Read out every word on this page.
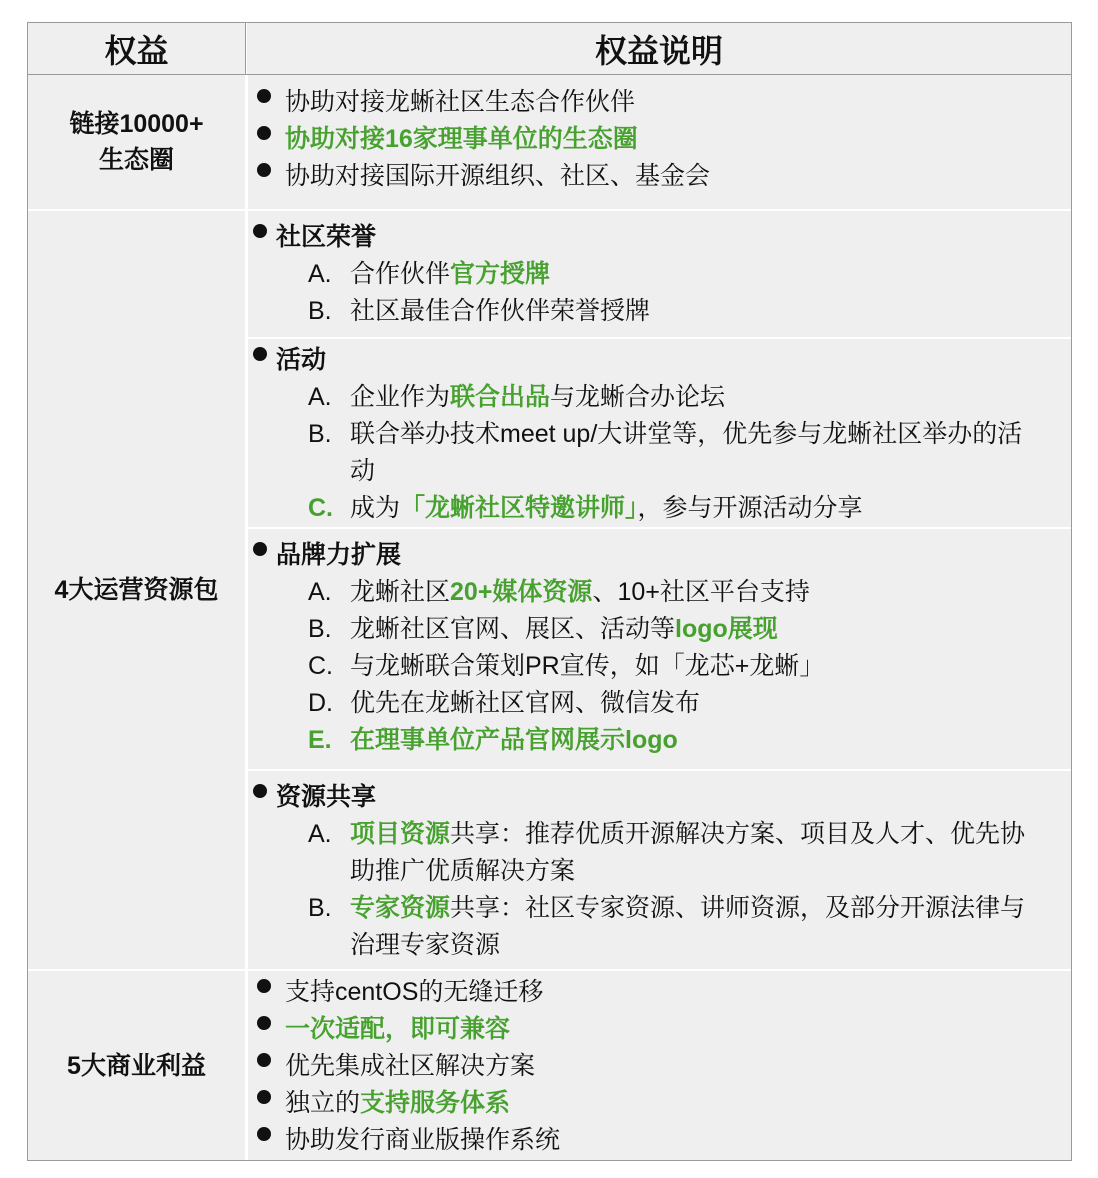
权益	权益说明
链接10000+
生态圈
协助对接龙蜥社区生态合作伙伴
协助对接16家理事单位的生态圈
协助对接国际开源组织、社区、基金会
4大运营资源包
社区荣誉
A. 合作伙伴官方授牌
B. 社区最佳合作伙伴荣誉授牌
活动
A. 企业作为联合出品与龙蜥合办论坛
B. 联合举办技术meet up/大讲堂等，优先参与龙蜥社区举办的活
动
C. 成为「龙蜥社区特邀讲师」，参与开源活动分享
品牌力扩展
A. 龙蜥社区20+媒体资源、10+社区平台支持
B. 龙蜥社区官网、展区、活动等logo展现
C. 与龙蜥联合策划PR宣传，如「龙芯+龙蜥」
D. 优先在龙蜥社区官网、微信发布
E. 在理事单位产品官网展示logo
资源共享
A. 项目资源共享：推荐优质开源解决方案、项目及人才、优先协
助推广优质解决方案
B. 专家资源共享：社区专家资源、讲师资源，及部分开源法律与
治理专家资源
5大商业利益
支持centOS的无缝迁移
一次适配，即可兼容
优先集成社区解决方案
独立的支持服务体系
协助发行商业版操作系统
